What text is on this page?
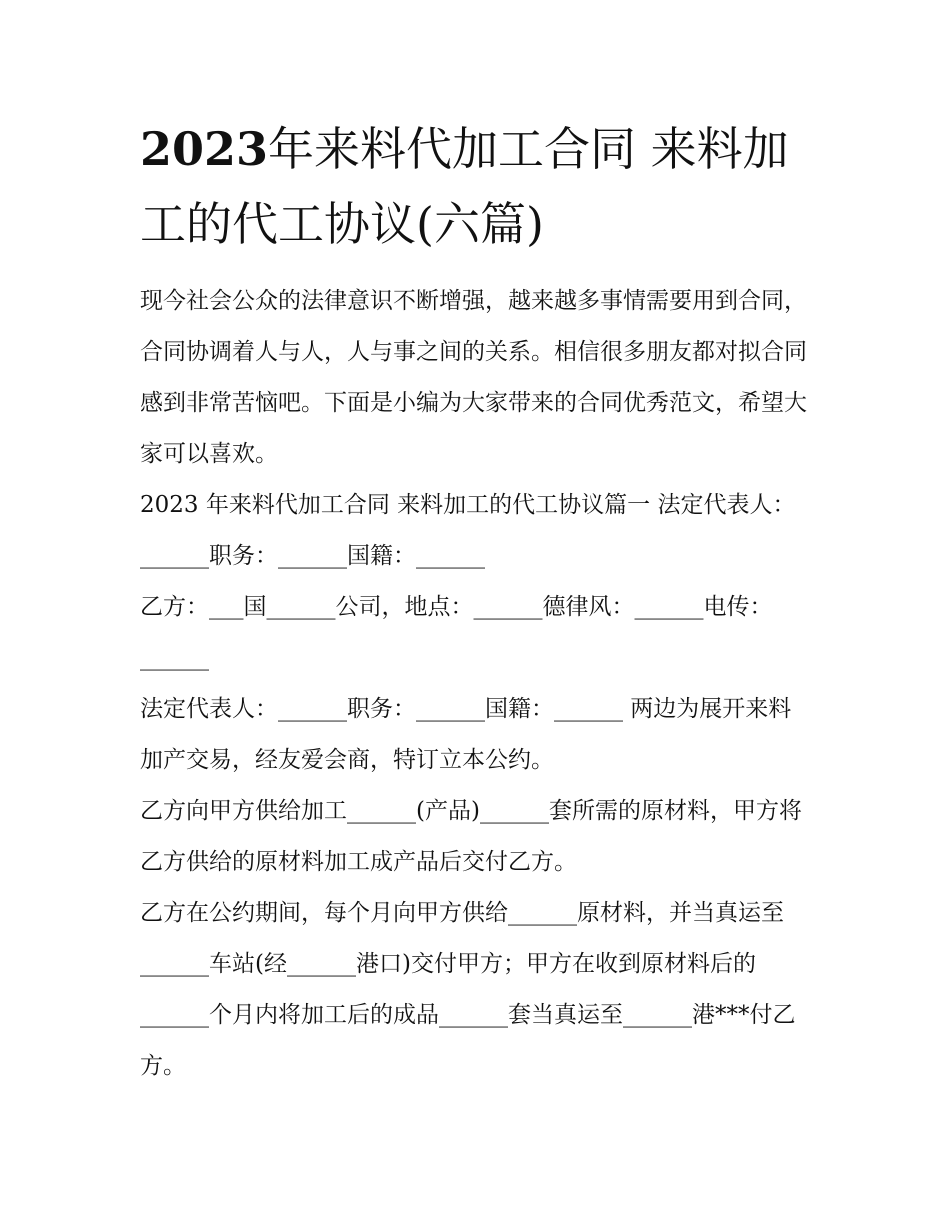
2023年来料代加工合同 来料加工的代工协议(六篇)

现今社会公众的法律意识不断增强，越来越多事情需要用到合同，合同协调着人与人，人与事之间的关系。相信很多朋友都对拟合同感到非常苦恼吧。下面是小编为大家带来的合同优秀范文，希望大家可以喜欢。

2023 年来料代加工合同 来料加工的代工协议篇一 法定代表人：______职务：______国籍：______

乙方：___国______公司，地点：______德律风：______电传：______

法定代表人：______职务：______国籍：______ 两边为展开来料加产交易，经友爱会商，特订立本公约。

乙方向甲方供给加工______(产品)______套所需的原材料，甲方将乙方供给的原材料加工成产品后交付乙方。

乙方在公约期间，每个月向甲方供给______原材料，并当真运至______车站(经______港口)交付甲方；甲方在收到原材料后的______个月内将加工后的成品______套当真运至______港***付乙方。
